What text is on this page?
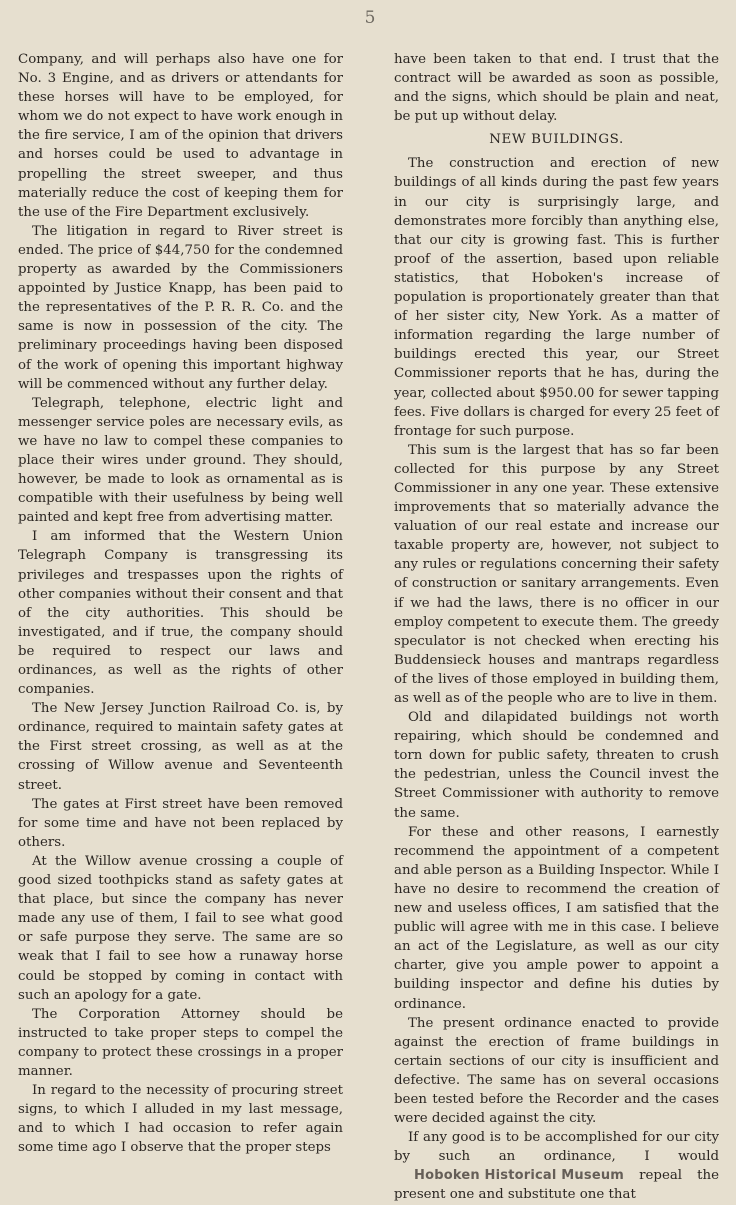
5

Company, and will perhaps also have one for No. 3 Engine, and as drivers or attendants for these horses will have to be employed, for whom we do not expect to have work enough in the fire service, I am of the opinion that drivers and horses could be used to advantage in propelling the street sweeper, and thus materially reduce the cost of keeping them for the use of the Fire Department exclusively.

The litigation in regard to River street is ended. The price of $44,750 for the condemned property as awarded by the Commissioners appointed by Justice Knapp, has been paid to the representatives of the P. R. R. Co. and the same is now in possession of the city. The preliminary proceedings having been disposed of the work of opening this important highway will be commenced without any further delay.

Telegraph, telephone, electric light and messenger service poles are necessary evils, as we have no law to compel these companies to place their wires under ground. They should, however, be made to look as ornamental as is compatible with their usefulness by being well painted and kept free from advertising matter.

I am informed that the Western Union Telegraph Company is transgressing its privileges and trespasses upon the rights of other companies without their consent and that of the city authorities. This should be investigated, and if true, the company should be required to respect our laws and ordinances, as well as the rights of other companies.

The New Jersey Junction Railroad Co. is, by ordinance, required to maintain safety gates at the First street crossing, as well as at the crossing of Willow avenue and Seventeenth street.

The gates at First street have been removed for some time and have not been replaced by others.

At the Willow avenue crossing a couple of good sized toothpicks stand as safety gates at that place, but since the company has never made any use of them, I fail to see what good or safe purpose they serve. The same are so weak that I fail to see how a runaway horse could be stopped by coming in contact with such an apology for a gate.

The Corporation Attorney should be instructed to take proper steps to compel the company to protect these crossings in a proper manner.

In regard to the necessity of procuring street signs, to which I alluded in my last message, and to which I had occasion to refer again some time ago I observe that the proper steps

have been taken to that end. I trust that the contract will be awarded as soon as possible, and the signs, which should be plain and neat, be put up without delay.

NEW BUILDINGS.

The construction and erection of new buildings of all kinds during the past few years in our city is surprisingly large, and demonstrates more forcibly than anything else, that our city is growing fast. This is further proof of the assertion, based upon reliable statistics, that Hoboken's increase of population is proportionately greater than that of her sister city, New York. As a matter of information regarding the large number of buildings erected this year, our Street Commissioner reports that he has, during the year, collected about $950.00 for sewer tapping fees. Five dollars is charged for every 25 feet of frontage for such purpose.

This sum is the largest that has so far been collected for this purpose by any Street Commissioner in any one year. These extensive improvements that so materially advance the valuation of our real estate and increase our taxable property are, however, not subject to any rules or regulations concerning their safety of construction or sanitary arrangements. Even if we had the laws, there is no officer in our employ competent to execute them. The greedy speculator is not checked when erecting his Buddensieck houses and mantraps regardless of the lives of those employed in building them, as well as of the people who are to live in them.

Old and dilapidated buildings not worth repairing, which should be condemned and torn down for public safety, threaten to crush the pedestrian, unless the Council invest the Street Commissioner with authority to remove the same.

For these and other reasons, I earnestly recommend the appointment of a competent and able person as a Building Inspector. While I have no desire to recommend the creation of new and useless offices, I am satisfied that the public will agree with me in this case. I believe an act of the Legislature, as well as our city charter, give you ample power to appoint a building inspector and define his duties by ordinance.

The present ordinance enacted to provide against the erection of frame buildings in certain sections of our city is insufficient and defective. The same has on several occasions been tested before the Recorder and the cases were decided against the city.

If any good is to be accomplished for our city by such an ordinance, I would Hoboken Historical Museum repeal the present one and substitute one that
